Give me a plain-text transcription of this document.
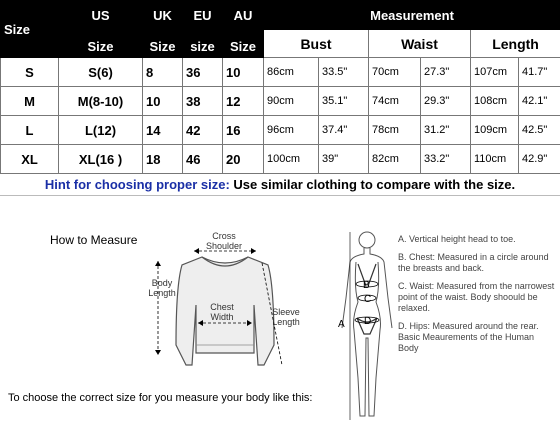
Size	US	UK	EU	AU	Measurement					
	Size	Size	size	Size	Bust		Waist		Length	
S	S(6)	8	36	10	86cm	33.5"	70cm	27.3"	107cm	41.7"
M	M(8-10)	10	38	12	90cm	35.1"	74cm	29.3"	108cm	42.1"
L	L(12)	14	42	16	96cm	37.4"	78cm	31.2"	109cm	42.5"
XL	XL(16 )	18	46	20	100cm	39"	82cm	33.2"	110cm	42.9"
Hint for choosing proper size: Use similar clothing to compare with the size.
How to Measure	Cross
Shoulder
Body
Length
Chest
Width	Sleeve
Length
To choose the correct size for you measure your body like this:
B
C
D
A
A. Vertical height head to toe.
B. Chest: Measured in a circle around the breasts and back.
C. Waist: Measured from the narrowest point of the waist. Body shoould be relaxed.
D. Hips: Measured around the rear. Basic Meaurements of the Human Body
